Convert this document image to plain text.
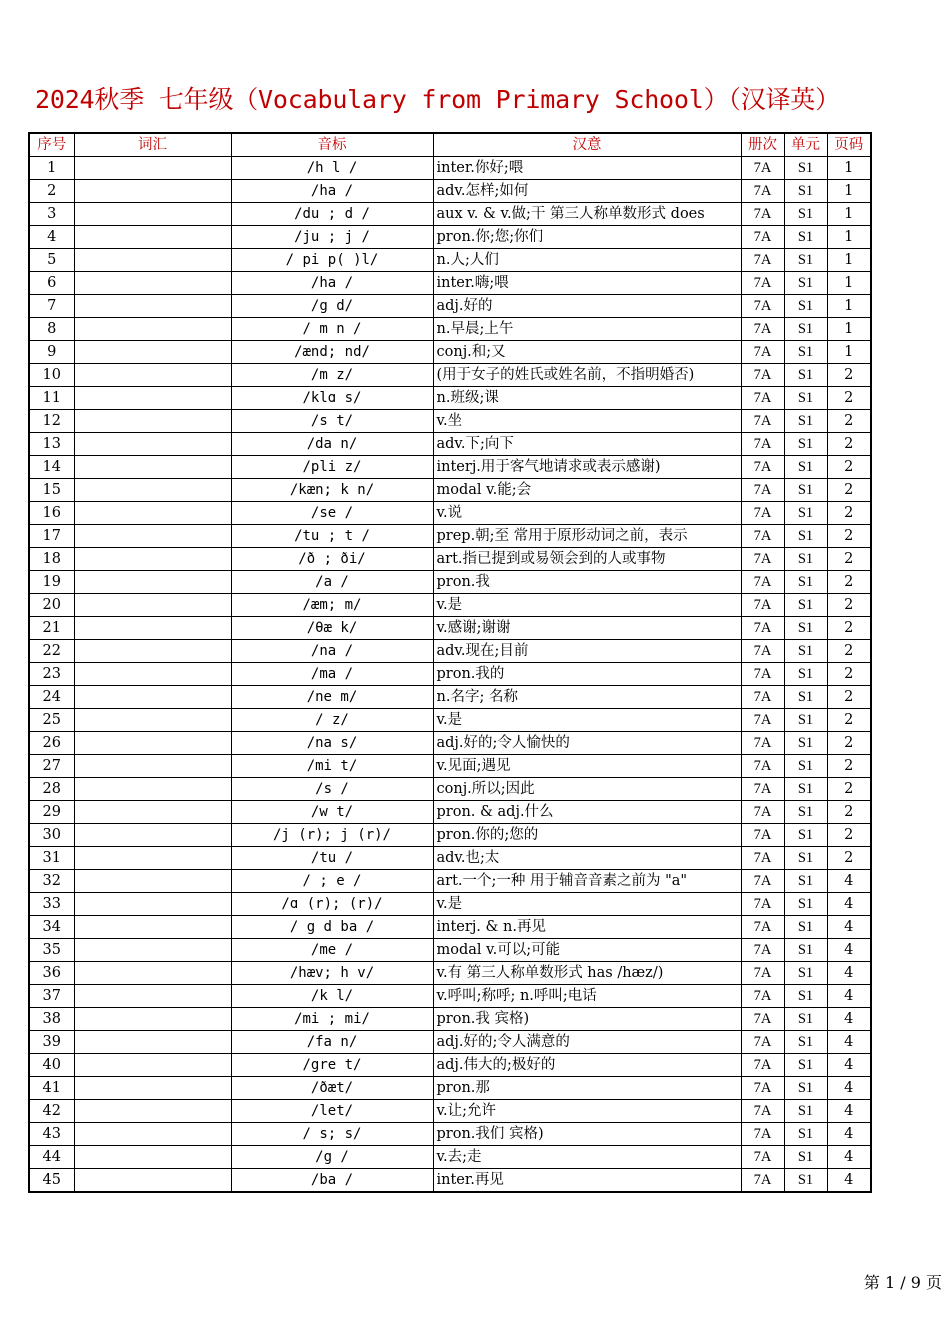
2024秋季 七年级（Vocabulary from Primary School）（汉译英）
序号	词汇	音标	汉意	册次	单元	页码
1		/h l /	inter.你好;喂	7A	S1	1
2		/ha /	adv.怎样;如何	7A	S1	1
3		/du ; d /	aux v. & v.做;干 第三人称单数形式 does	7A	S1	1
4		/ju ; j /	pron.你;您;你们	7A	S1	1
5		/ pi p( )l/	n.人;人们	7A	S1	1
6		/ha /	inter.嗨;喂	7A	S1	1
7		/g d/	adj.好的	7A	S1	1
8		/ m n /	n.早晨;上午	7A	S1	1
9		/ænd; nd/	conj.和;又	7A	S1	1
10		/m z/	(用于女子的姓氏或姓名前，不指明婚否)	7A	S1	2
11		/klɑ s/	n.班级;课	7A	S1	2
12		/s t/	v.坐	7A	S1	2
13		/da n/	adv.下;向下	7A	S1	2
14		/pli z/	interj.用于客气地请求或表示感谢)	7A	S1	2
15		/kæn; k n/	modal v.能;会	7A	S1	2
16		/se /	v.说	7A	S1	2
17		/tu ; t /	prep.朝;至 常用于原形动词之前，表示	7A	S1	2
18		/ð ; ði/	art.指已提到或易领会到的人或事物	7A	S1	2
19		/a /	pron.我	7A	S1	2
20		/æm; m/	v.是	7A	S1	2
21		/θæ k/	v.感谢;谢谢	7A	S1	2
22		/na /	adv.现在;目前	7A	S1	2
23		/ma /	pron.我的	7A	S1	2
24		/ne m/	n.名字; 名称	7A	S1	2
25		/ z/	v.是	7A	S1	2
26		/na s/	adj.好的;令人愉快的	7A	S1	2
27		/mi t/	v.见面;遇见	7A	S1	2
28		/s /	conj.所以;因此	7A	S1	2
29		/w t/	pron. & adj.什么	7A	S1	2
30		/j (r); j (r)/	pron.你的;您的	7A	S1	2
31		/tu /	adv.也;太	7A	S1	2
32		/ ; e /	art.一个;一种 用于辅音音素之前为 "a"	7A	S1	4
33		/ɑ (r); (r)/	v.是	7A	S1	4
34		/ g d ba /	interj. & n.再见	7A	S1	4
35		/me /	modal v.可以;可能	7A	S1	4
36		/hæv; h v/	v.有 第三人称单数形式 has /hæz/)	7A	S1	4
37		/k l/	v.呼叫;称呼; n.呼叫;电话	7A	S1	4
38		/mi ; mi/	pron.我 宾格)	7A	S1	4
39		/fa n/	adj.好的;令人满意的	7A	S1	4
40		/gre t/	adj.伟大的;极好的	7A	S1	4
41		/ðæt/	pron.那	7A	S1	4
42		/let/	v.让;允许	7A	S1	4
43		/ s; s/	pron.我们 宾格)	7A	S1	4
44		/g /	v.去;走	7A	S1	4
45		/ba /	inter.再见	7A	S1	4
第 1 / 9 页
